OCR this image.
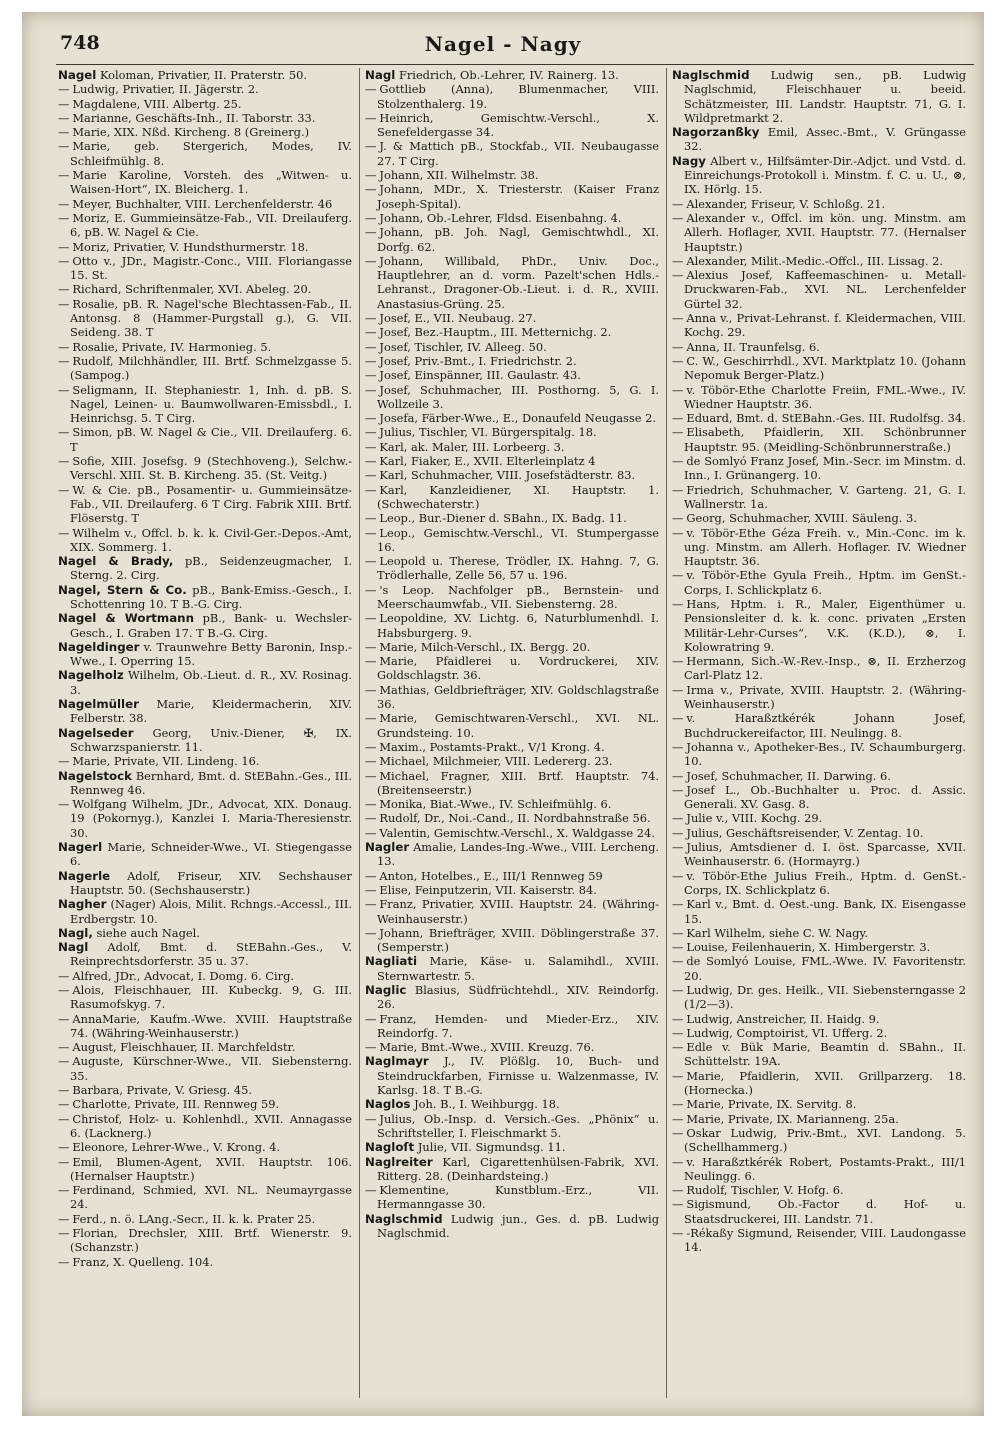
748	Nagel - Nagy

Nagel Koloman, Privatier, II. Praterstr. 50.

— Ludwig, Privatier, II. Jägerstr. 2.

— Magdalene, VIII. Albertg. 25.

— Marianne, Geschäfts-Inh., II. Taborstr. 33.

— Marie, XIX. Nßd. Kircheng. 8 (Greinerg.)

— Marie, geb. Stergerich, Modes, IV. Schleifmühlg. 8.

— Marie Karoline, Vorsteh. des „Witwen- u. Waisen-Hort“, IX. Bleicherg. 1.

— Meyer, Buchhalter, VIII. Lerchenfelderstr. 46

— Moriz, E. Gummieinsätze-Fab., VII. Dreilauferg. 6, pB. W. Nagel & Cie.

— Moriz, Privatier, V. Hundsthurmerstr. 18.

— Otto v., JDr., Magistr.-Conc., VIII. Floriangasse 15. St.

— Richard, Schriftenmaler, XVI. Abeleg. 20.

— Rosalie, pB. R. Nagel'sche Blechtassen-Fab., II. Antonsg. 8 (Hammer-Purgstall g.), G. VII. Seideng. 38. T

— Rosalie, Private, IV. Harmonieg. 5.

— Rudolf, Milchhändler, III. Brtf. Schmelzgasse 5. (Sampog.)

— Seligmann, II. Stephaniestr. 1, Inh. d. pB. S. Nagel, Leinen- u. Baumwollwaren-Emissbdl., I. Heinrichsg. 5. T Cirg.

— Simon, pB. W. Nagel & Cie., VII. Dreilauferg. 6. T

— Sofie, XIII. Josefsg. 9 (Stechhoveng.), Selchw.-Verschl. XIII. St. B. Kircheng. 35. (St. Veitg.)

— W. & Cie. pB., Posamentir- u. Gummieinsätze-Fab., VII. Dreilauferg. 6 T Cirg. Fabrik XIII. Brtf. Flöserstg. T

— Wilhelm v., Offcl. b. k. k. Civil-Ger.-Depos.-Amt, XIX. Sommerg. 1.

Nagel & Brady, pB., Seidenzeugmacher, I. Sterng. 2. Cirg.

Nagel, Stern & Co. pB., Bank-Emiss.-Gesch., I. Schottenring 10. T B.-G. Cirg.

Nagel & Wortmann pB., Bank- u. Wechsler-Gesch., I. Graben 17. T B.-G. Cirg.

Nageldinger v. Traunwehre Betty Baronin, Insp.-Wwe., I. Operring 15.

Nagelholz Wilhelm, Ob.-Lieut. d. R., XV. Rosinag. 3.

Nagelmüller Marie, Kleidermacherin, XIV. Felberstr. 38.

Nagelseder Georg, Univ.-Diener, ✠, IX. Schwarzspanierstr. 11.

— Marie, Private, VII. Lindeng. 16.

Nagelstock Bernhard, Bmt. d. StEBahn.-Ges., III. Rennweg 46.

— Wolfgang Wilhelm, JDr., Advocat, XIX. Donaug. 19 (Pokornyg.), Kanzlei I. Maria-Theresienstr. 30.

Nagerl Marie, Schneider-Wwe., VI. Stiegengasse 6.

Nagerle Adolf, Friseur, XIV. Sechshauser Hauptstr. 50. (Sechshauserstr.)

Nagher (Nager) Alois, Milit. Rchngs.-Accessl., III. Erdbergstr. 10.

Nagl, siehe auch Nagel.

Nagl Adolf, Bmt. d. StEBahn.-Ges., V. Reinprechtsdorferstr. 35 u. 37.

— Alfred, JDr., Advocat, I. Domg. 6. Cirg.

— Alois, Fleischhauer, III. Kubeckg. 9, G. III. Rasumofskyg. 7.

— AnnaMarie, Kaufm.-Wwe. XVIII. Hauptstraße 74. (Währing-Weinhauserstr.)

— August, Fleischhauer, II. Marchfeldstr.

— Auguste, Kürschner-Wwe., VII. Siebensterng. 35.

— Barbara, Private, V. Griesg. 45.

— Charlotte, Private, III. Rennweg 59.

— Christof, Holz- u. Kohlenhdl., XVII. Annagasse 6. (Lacknerg.)

— Eleonore, Lehrer-Wwe., V. Krong. 4.

— Emil, Blumen-Agent, XVII. Hauptstr. 106. (Hernalser Hauptstr.)

— Ferdinand, Schmied, XVI. NL. Neumayrgasse 24.

— Ferd., n. ö. LAng.-Secr., II. k. k. Prater 25.

— Florian, Drechsler, XIII. Brtf. Wienerstr. 9. (Schanzstr.)

— Franz, X. Quelleng. 104.

Nagl Friedrich, Ob.-Lehrer, IV. Rainerg. 13.

— Gottlieb (Anna), Blumenmacher, VIII. Stolzenthalerg. 19.

— Heinrich, Gemischtw.-Verschl., X. Senefeldergasse 34.

— J. & Mattich pB., Stockfab., VII. Neubaugasse 27. T Cirg.

— Johann, XII. Wilhelmstr. 38.

— Johann, MDr., X. Triesterstr. (Kaiser Franz Joseph-Spital).

— Johann, Ob.-Lehrer, Fldsd. Eisenbahng. 4.

— Johann, pB. Joh. Nagl, Gemischtwhdl., XI. Dorfg. 62.

— Johann, Willibald, PhDr., Univ. Doc., Hauptlehrer, an d. vorm. Pazelt'schen Hdls.-Lehranst., Dragoner-Ob.-Lieut. i. d. R., XVIII. Anastasius-Grüng. 25.

— Josef, E., VII. Neubaug. 27.

— Josef, Bez.-Hauptm., III. Metternichg. 2.

— Josef, Tischler, IV. Alleeg. 50.

— Josef, Priv.-Bmt., I. Friedrichstr. 2.

— Josef, Einspänner, III. Gaulastr. 43.

— Josef, Schuhmacher, III. Posthorng. 5, G. I. Wollzeile 3.

— Josefa, Färber-Wwe., E., Donaufeld Neugasse 2.

— Julius, Tischler, VI. Bürgerspitalg. 18.

— Karl, ak. Maler, III. Lorbeerg. 3.

— Karl, Fiaker, E., XVII. Elterleinplatz 4

— Karl, Schuhmacher, VIII. Josefstädterstr. 83.

— Karl, Kanzleidiener, XI. Hauptstr. 1. (Schwechaterstr.)

— Leop., Bur.-Diener d. SBahn., IX. Badg. 11.

— Leop., Gemischtw.-Verschl., VI. Stumpergasse 16.

— Leopold u. Therese, Trödler, IX. Hahng. 7, G. Trödlerhalle, Zelle 56, 57 u. 196.

— 's Leop. Nachfolger pB., Bernstein- und Meerschaumwfab., VII. Siebensterng. 28.

— Leopoldine, XV. Lichtg. 6, Naturblumenhdl. I. Habsburgerg. 9.

— Marie, Milch-Verschl., IX. Bergg. 20.

— Marie, Pfaidlerei u. Vordruckerei, XIV. Goldschlagstr. 36.

— Mathias, Geldbriefträger, XIV. Goldschlagstraße 36.

— Marie, Gemischtwaren-Verschl., XVI. NL. Grundsteing. 10.

— Maxim., Postamts-Prakt., V/1 Krong. 4.

— Michael, Milchmeier, VIII. Ledererg. 23.

— Michael, Fragner, XIII. Brtf. Hauptstr. 74. (Breitenseerstr.)

— Monika, Biat.-Wwe., IV. Schleifmühlg. 6.

— Rudolf, Dr., Noi.-Cand., II. Nordbahnstraße 56.

— Valentin, Gemischtw.-Verschl., X. Waldgasse 24.

Nagler Amalie, Landes-Ing.-Wwe., VIII. Lercheng. 13.

— Anton, Hotelbes., E., III/1 Rennweg 59

— Elise, Feinputzerin, VII. Kaiserstr. 84.

— Franz, Privatier, XVIII. Hauptstr. 24. (Währing-Weinhauserstr.)

— Johann, Briefträger, XVIII. Döblingerstraße 37. (Semperstr.)

Nagliati Marie, Käse- u. Salamihdl., XVIII. Sternwartestr. 5.

Naglic Blasius, Südfrüchtehdl., XIV. Reindorfg. 26.

— Franz, Hemden- und Mieder-Erz., XIV. Reindorfg. 7.

— Marie, Bmt.-Wwe., XVIII. Kreuzg. 76.

Naglmayr J., IV. Plößlg. 10, Buch- und Steindruckfarben, Firnisse u. Walzenmasse, IV. Karlsg. 18. T B.-G.

Naglos Joh. B., I. Weihburgg. 18.

— Julius, Ob.-Insp. d. Versich.-Ges. „Phönix“ u. Schriftsteller, I. Fleischmarkt 5.

Nagloſt Julie, VII. Sigmundsg. 11.

Naglreiter Karl, Cigarettenhülsen-Fabrik, XVI. Ritterg. 28. (Deinhardsteing.)

— Klementine, Kunstblum.-Erz., VII. Hermanngasse 30.

Naglschmid Ludwig jun., Ges. d. pB. Ludwig Naglschmid.

Naglschmid Ludwig sen., pB. Ludwig Naglschmid, Fleischhauer u. beeid. Schätzmeister, III. Landstr. Hauptstr. 71, G. I. Wildpretmarkt 2.

Nagorzanßky Emil, Assec.-Bmt., V. Grüngasse 32.

Nagy Albert v., Hilfsämter-Dir.-Adjct. und Vstd. d. Einreichungs-Protokoll i. Minstm. f. C. u. U., ⊗, IX. Hörlg. 15.

— Alexander, Friseur, V. Schloßg. 21.

— Alexander v., Offcl. im kön. ung. Minstm. am Allerh. Hoflager, XVII. Hauptstr. 77. (Hernalser Hauptstr.)

— Alexander, Milit.-Medic.-Offcl., III. Lissag. 2.

— Alexius Josef, Kaffeemaschinen- u. Metall-Druckwaren-Fab., XVI. NL. Lerchenfelder Gürtel 32.

— Anna v., Privat-Lehranst. f. Kleidermachen, VIII. Kochg. 29.

— Anna, II. Traunfelsg. 6.

— C. W., Geschirrhdl., XVI. Marktplatz 10. (Johann Nepomuk Berger-Platz.)

— v. Töbör-Ethe Charlotte Freiin, FML.-Wwe., IV. Wiedner Hauptstr. 36.

— Eduard, Bmt. d. StEBahn.-Ges. III. Rudolfsg. 34.

— Elisabeth, Pfaidlerin, XII. Schönbrunner Hauptstr. 95. (Meidling-Schönbrunnerstraße.)

— de Somlyó Franz Josef, Min.-Secr. im Minstm. d. Inn., I. Grünangerg. 10.

— Friedrich, Schuhmacher, V. Garteng. 21, G. I. Wallnerstr. 1a.

— Georg, Schuhmacher, XVIII. Säuleng. 3.

— v. Töbör-Ethe Géza Freih. v., Min.-Conc. im k. ung. Minstm. am Allerh. Hoflager. IV. Wiedner Hauptstr. 36.

— v. Töbör-Ethe Gyula Freih., Hptm. im GenSt.-Corps, I. Schlickplatz 6.

— Hans, Hptm. i. R., Maler, Eigenthümer u. Pensionsleiter d. k. k. conc. privaten „Ersten Militär-Lehr-Curses“, V.K. (K.D.), ⊗, I. Kolowratring 9.

— Hermann, Sich.-W.-Rev.-Insp., ⊗, II. Erzherzog Carl-Platz 12.

— Irma v., Private, XVIII. Hauptstr. 2. (Währing-Weinhauserstr.)

— v. Haraßztkérék Johann Josef, Buchdruckereifactor, III. Neulingg. 8.

— Johanna v., Apotheker-Bes., IV. Schaumburgerg. 10.

— Josef, Schuhmacher, II. Darwing. 6.

— Josef L., Ob.-Buchhalter u. Proc. d. Assic. Generali. XV. Gasg. 8.

— Julie v., VIII. Kochg. 29.

— Julius, Geschäftsreisender, V. Zentag. 10.

— Julius, Amtsdiener d. I. öst. Sparcasse, XVII. Weinhauserstr. 6. (Hormayrg.)

— v. Töbör-Ethe Julius Freih., Hptm. d. GenSt.-Corps, IX. Schlickplatz 6.

— Karl v., Bmt. d. Oest.-ung. Bank, IX. Eisengasse 15.

— Karl Wilhelm, siehe C. W. Nagy.

— Louise, Feilenhauerin, X. Himbergerstr. 3.

— de Somlyó Louise, FML.-Wwe. IV. Favoritenstr. 20.

— Ludwig, Dr. ges. Heilk., VII. Siebensterngasse 2 (1/2—3).

— Ludwig, Anstreicher, II. Haidg. 9.

— Ludwig, Comptoirist, VI. Ufferg. 2.

— Edle v. Bük Marie, Beamtin d. SBahn., II. Schüttelstr. 19A.

— Marie, Pfaidlerin, XVII. Grillparzerg. 18. (Hornecka.)

— Marie, Private, IX. Servitg. 8.

— Marie, Private, IX. Marianneng. 25a.

— Oskar Ludwig, Priv.-Bmt., XVI. Landong. 5. (Schellhammerg.)

— v. Haraßztkérék Robert, Postamts-Prakt., III/1 Neulingg. 6.

— Rudolf, Tischler, V. Hofg. 6.

— Sigismund, Ob.-Factor d. Hof- u. Staatsdruckerei, III. Landstr. 71.

— -Rékaßy Sigmund, Reisender, VIII. Laudongasse 14.
